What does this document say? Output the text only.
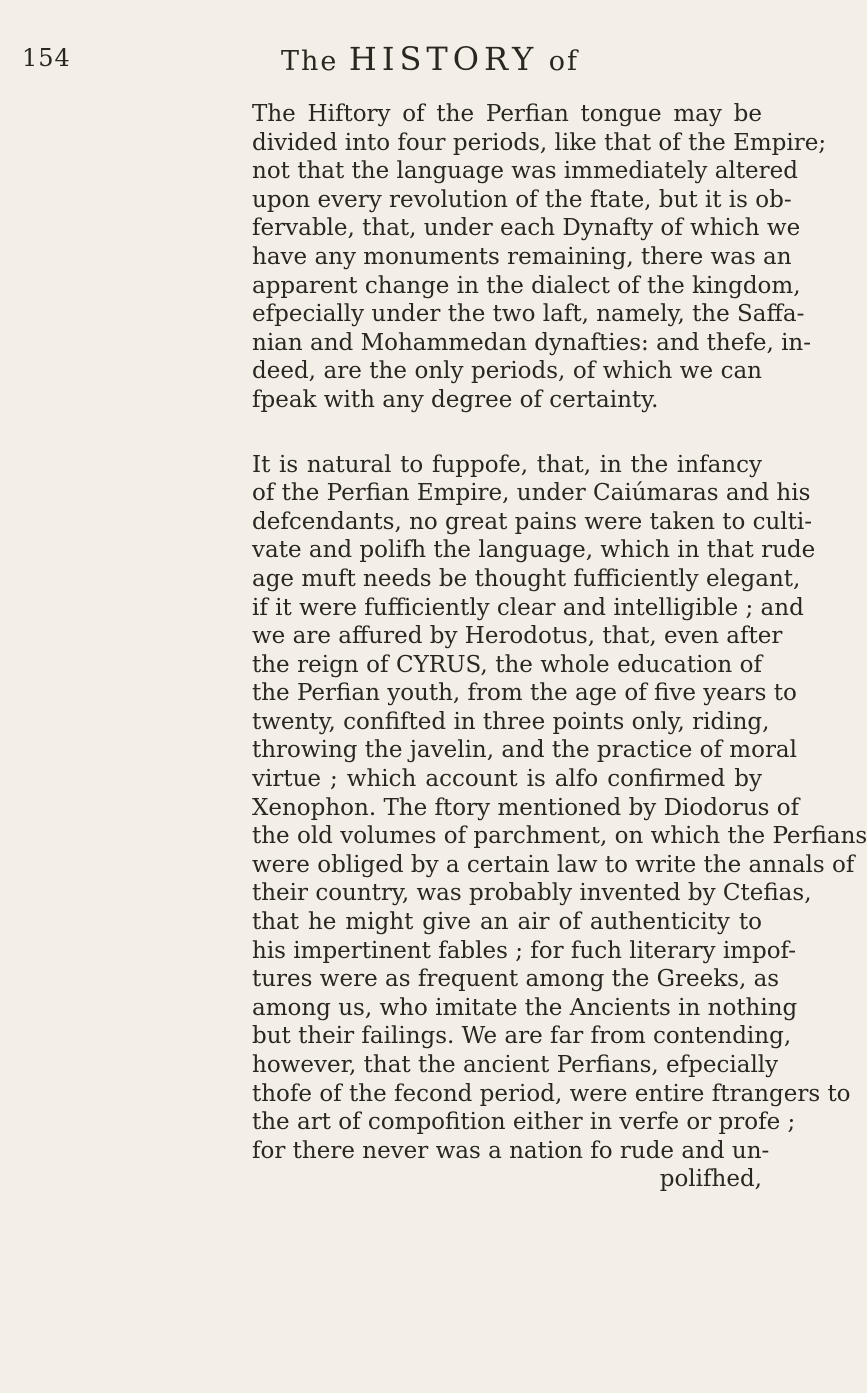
154	The HISTORY of
The Hiftory of the Perfian tongue may be
divided into four periods, like that of the Empire;
not that the language was immediately altered
upon every revolution of the ftate, but it is ob-
fervable, that, under each Dynafty of which we
have any monuments remaining, there was an
apparent change in the dialect of the kingdom,
efpecially under the two laft, namely, the Saffa-
nian and Mohammedan dynafties: and thefe, in-
deed, are the only periods, of which we can
fpeak with any degree of certainty.
It is natural to fuppofe, that, in the infancy
of the Perfian Empire, under Caiúmaras and his
defcendants, no great pains were taken to culti-
vate and polifh the language, which in that rude
age muft needs be thought fufficiently elegant,
if it were fufficiently clear and intelligible ; and
we are affured by Herodotus, that, even after
the reign of CYRUS, the whole education of
the Perfian youth, from the age of five years to
twenty, confifted in three points only, riding,
throwing the javelin, and the practice of moral
virtue ; which account is alfo confirmed by
Xenophon. The ftory mentioned by Diodorus of
the old volumes of parchment, on which the Perfians
were obliged by a certain law to write the annals of
their country, was probably invented by Ctefias,
that he might give an air of authenticity to
his impertinent fables ; for fuch literary impof-
tures were as frequent among the Greeks, as
among us, who imitate the Ancients in nothing
but their failings. We are far from contending,
however, that the ancient Perfians, efpecially
thofe of the fecond period, were entire ftrangers to
the art of compofition either in verfe or profe ;
for there never was a nation fo rude and un-
polifhed,
